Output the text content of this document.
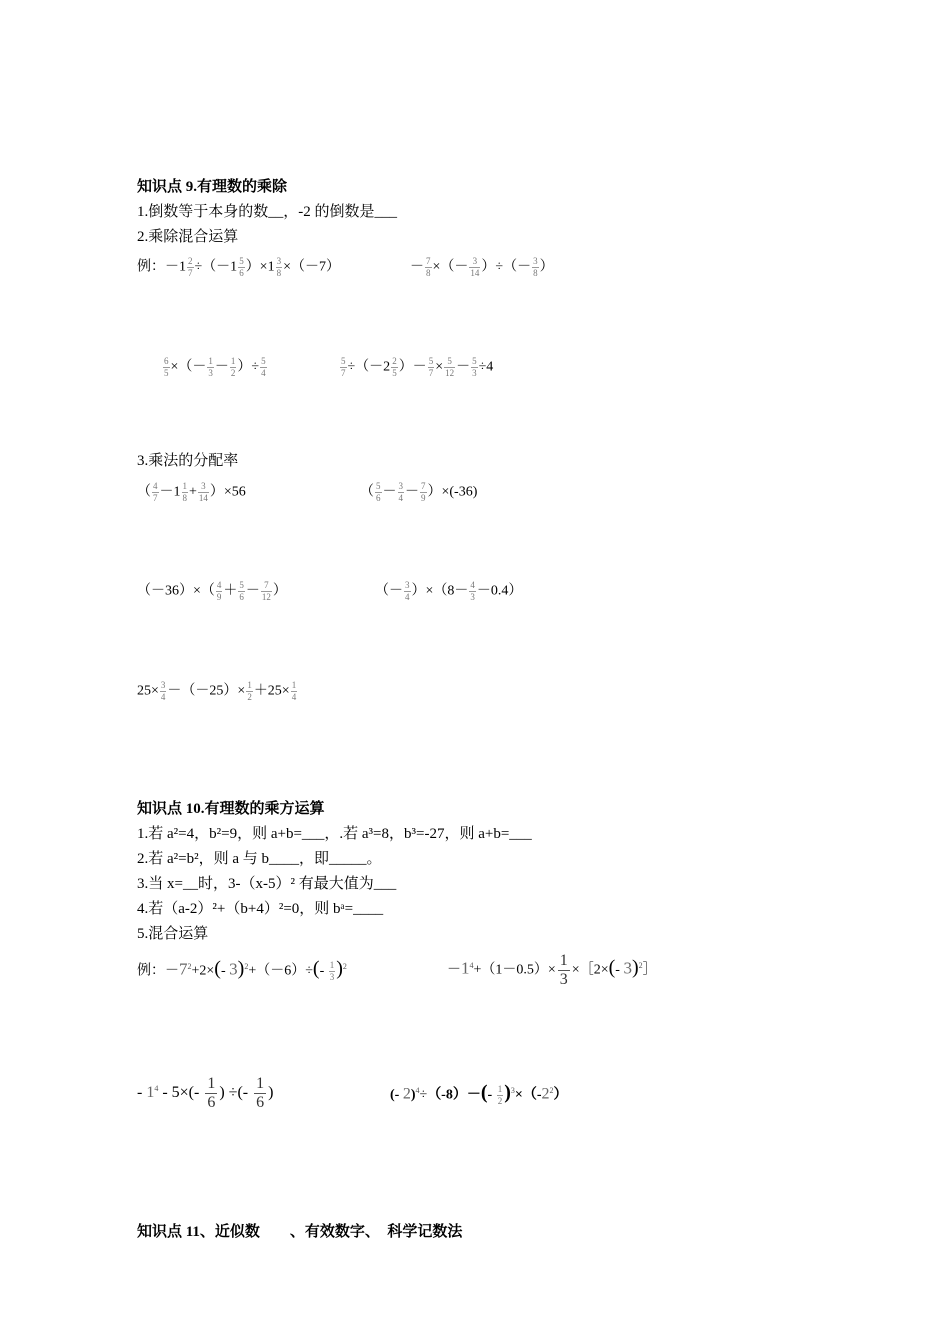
知识点 9.有理数的乘除
1.倒数等于本身的数__，-2 的倒数是___
2.乘除混合运算
例：$-1 \frac{2}{7} \div(-1 \frac{5}{6} )\times 1 \frac{3}{8} \times(-7)$	－ $\frac{7}{8}$ ×（－ $\frac{3}{14}$ ）÷（－ $\frac{3}{8}$ ）
$\frac{6}{5}$ ×（－ $\frac{1}{3} - \frac{1}{2}$ ）÷ $\frac{5}{4}$	$\frac{5}{7} \div(-2 \frac{2}{5}$ ）－ $\frac{5}{7} \times \frac{5}{12} - \frac{5}{3} \div 4$
3.乘法的分配率
（ $\frac{4}{7} -1 \frac{1}{8} + \frac{3}{14} )\times 56$	（ $\frac{5}{6} - \frac{3}{4} - \frac{7}{9} )\times(-36)$
$(-36)\times( \frac{4}{9} + \frac{5}{6} - \frac{7}{12}$ ）	（－ $\frac{3}{4} )\times(8- \frac{4}{3} -0.4)$
$25\times \frac{3}{4} -(-25)\times \frac{1}{2} +25\times \frac{1}{4}$
知识点 10.有理数的乘方运算
1.若 a²=4，b²=9，则 a+b=___，.若 a³=8，b³=-27，则 a+b=___
2.若 a²=b²，则 a 与 b____，即_____。
3.当 x=__时，3-（x-5）² 有最大值为___
4.若（a-2）²+（b+4）²=0，则 bᵃ=____
5.混合运算
例：$-7^2+2\times(-$ $3)^2+(-6)\div(- \frac{1}{3} )^2$	$-1^4+(1-0.5)\times \frac{1}{3}$ ×［2×(- 3)$^2$］
- $1^4 - 5\times(- \frac{1}{6}$ ) ÷(- $\frac{1}{6}$ )	(- $2)^4\div(-8)-(- \frac{1}{2} )^3\times(-2^2)$
知识点 11、近似数　　、有效数字、　科学记数法
